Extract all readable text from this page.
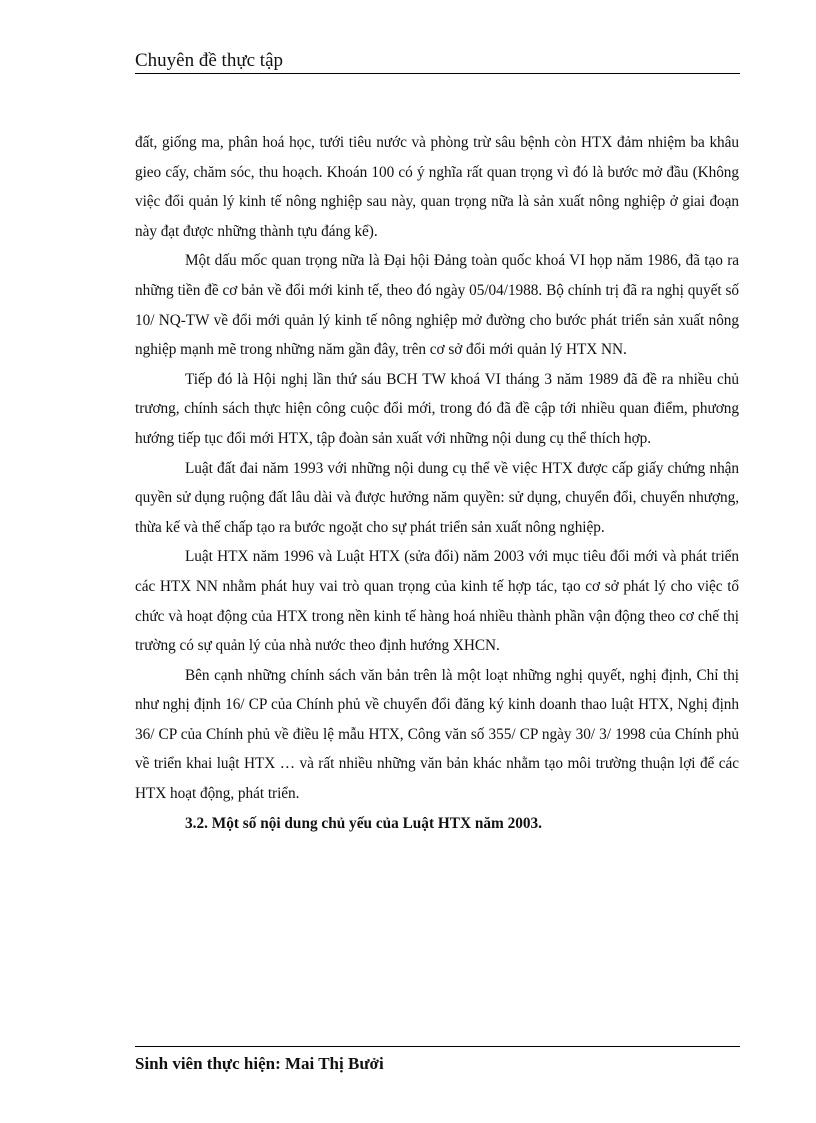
Chuyên đề thực tập

đất, giống ma, phân hoá học, tưới tiêu nước và phòng trừ sâu bệnh còn HTX đảm nhiệm ba khâu gieo cấy, chăm sóc, thu hoạch. Khoán 100 có ý nghĩa rất quan trọng vì đó là bước mở đầu (Không việc đổi quản lý kinh tế nông nghiệp sau này, quan trọng nữa là sản xuất nông nghiệp ở giai đoạn này đạt được những thành tựu đáng kể).

Một dấu mốc quan trọng nữa là Đại hội Đảng toàn quốc khoá VI họp năm 1986, đã tạo ra những tiền đề cơ bản về đổi mới kinh tế, theo đó ngày 05/04/1988. Bộ chính trị đã ra nghị quyết số 10/ NQ-TW về đổi mới quản lý kinh tế nông nghiệp mở đường cho bước phát triển sản xuất nông nghiệp mạnh mẽ trong những năm gần đây, trên cơ sở đổi mới quản lý HTX NN.

Tiếp đó là Hội nghị lần thứ sáu BCH TW khoá VI tháng 3 năm 1989 đã đề ra nhiều chủ trương, chính sách thực hiện công cuộc đổi mới, trong đó đã đề cập tới nhiều quan điểm, phương hướng tiếp tục đổi mới HTX, tập đoàn sản xuất với những nội dung cụ thể thích hợp.

Luật đất đai năm 1993 với những nội dung cụ thể về việc HTX được cấp giấy chứng nhận quyền sử dụng ruộng đất lâu dài và được hưởng năm quyền: sử dụng, chuyển đổi, chuyển nhượng, thừa kế và thế chấp tạo ra bước ngoặt cho sự phát triển sản xuất nông nghiệp.

Luật HTX năm 1996 và Luật HTX (sửa đổi) năm 2003 với mục tiêu đổi mới và phát triển các HTX NN nhằm phát huy vai trò quan trọng của kinh tế hợp tác, tạo cơ sở phát lý cho việc tổ chức và hoạt động của HTX trong nền kinh tế hàng hoá nhiều thành phần vận động theo cơ chế thị trường có sự quản lý của nhà nước theo định hướng XHCN.

Bên cạnh những chính sách văn bản trên là một loạt những nghị quyết, nghị định, Chỉ thị như nghị định 16/ CP của Chính phủ về chuyển đổi đăng ký kinh doanh thao luật HTX, Nghị định 36/ CP của Chính phủ về điều lệ mẫu HTX, Công văn số 355/ CP ngày 30/ 3/ 1998 của Chính phủ về triển khai luật HTX … và rất nhiều những văn bản khác nhằm tạo môi trường thuận lợi để các HTX hoạt động, phát triển.

3.2. Một số nội dung chủ yếu của Luật HTX năm 2003.

Sinh viên thực hiện: Mai Thị Bưởi
